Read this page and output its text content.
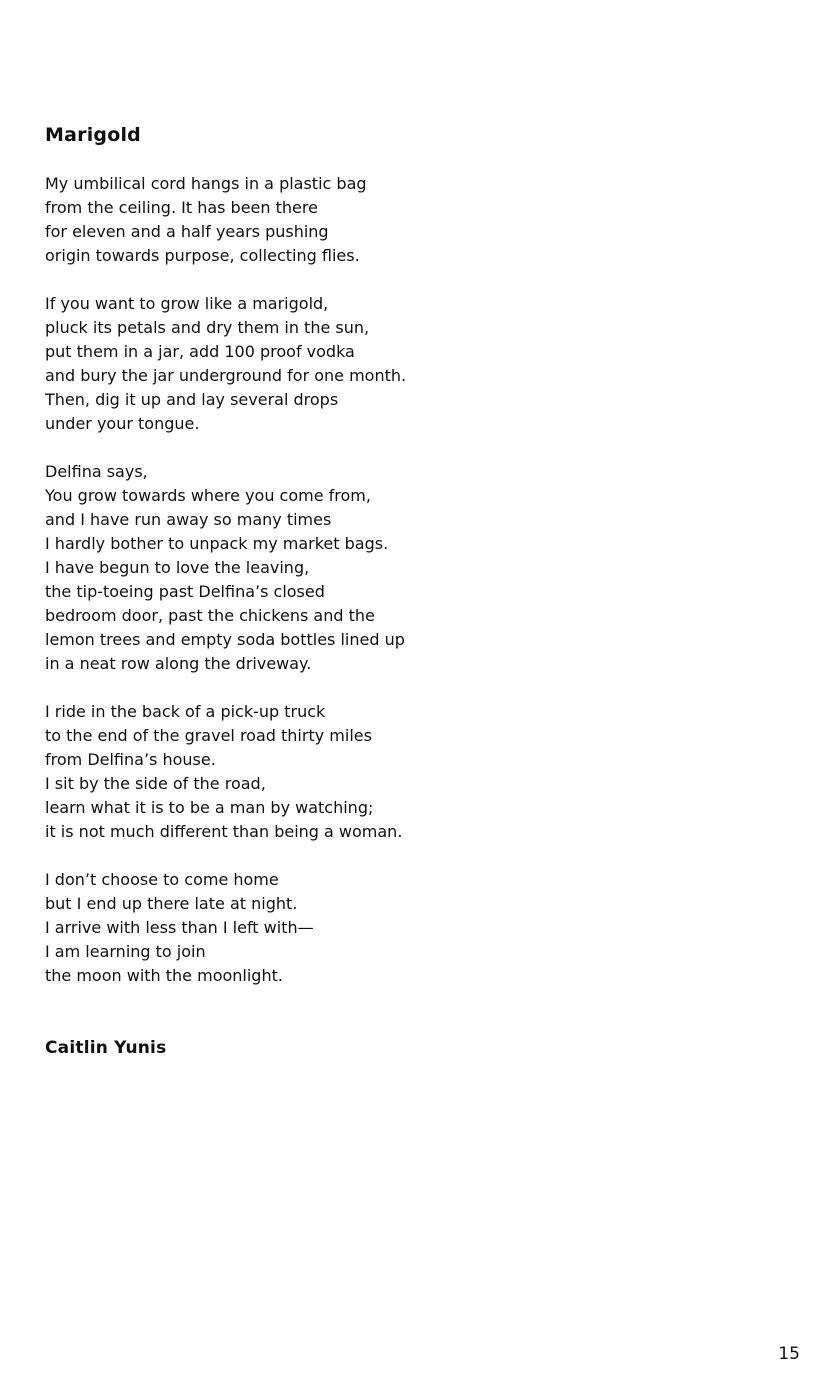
Marigold
My umbilical cord hangs in a plastic bag
from the ceiling. It has been there
for eleven and a half years pushing
origin towards purpose, collecting flies.
If you want to grow like a marigold,
pluck its petals and dry them in the sun,
put them in a jar, add 100 proof vodka
and bury the jar underground for one month.
Then, dig it up and lay several drops
under your tongue.
Delfina says,
You grow towards where you come from,
and I have run away so many times
I hardly bother to unpack my market bags.
I have begun to love the leaving,
the tip-toeing past Delfina’s closed
bedroom door, past the chickens and the
lemon trees and empty soda bottles lined up
in a neat row along the driveway.
I ride in the back of a pick-up truck
to the end of the gravel road thirty miles
from Delfina’s house.
I sit by the side of the road,
learn what it is to be a man by watching;
it is not much different than being a woman.
I don’t choose to come home
but I end up there late at night.
I arrive with less than I left with—
I am learning to join
the moon with the moonlight.

Caitlin Yunis

15
